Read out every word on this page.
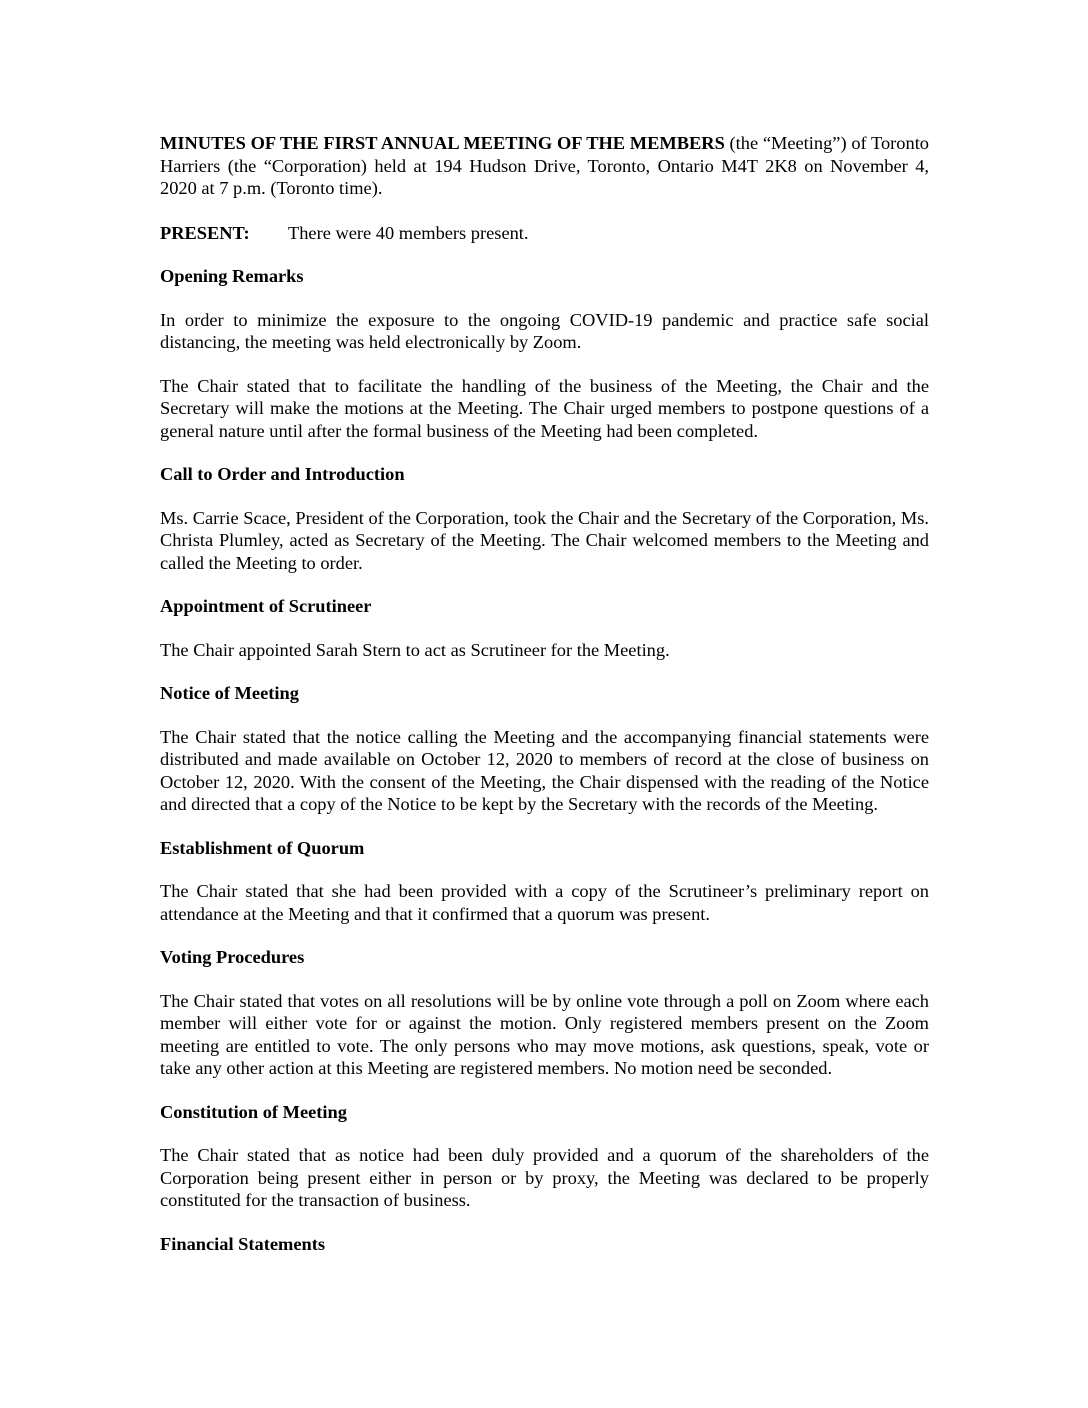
MINUTES OF THE FIRST ANNUAL MEETING OF THE MEMBERS (the “Meeting”) of Toronto Harriers (the “Corporation) held at 194 Hudson Drive, Toronto, Ontario M4T 2K8 on November 4, 2020 at 7 p.m. (Toronto time).

PRESENT: There were 40 members present.

Opening Remarks

In order to minimize the exposure to the ongoing COVID-19 pandemic and practice safe social distancing, the meeting was held electronically by Zoom.

The Chair stated that to facilitate the handling of the business of the Meeting, the Chair and the Secretary will make the motions at the Meeting. The Chair urged members to postpone questions of a general nature until after the formal business of the Meeting had been completed.

Call to Order and Introduction

Ms. Carrie Scace, President of the Corporation, took the Chair and the Secretary of the Corporation, Ms. Christa Plumley, acted as Secretary of the Meeting. The Chair welcomed members to the Meeting and called the Meeting to order.

Appointment of Scrutineer

The Chair appointed Sarah Stern to act as Scrutineer for the Meeting.

Notice of Meeting

The Chair stated that the notice calling the Meeting and the accompanying financial statements were distributed and made available on October 12, 2020 to members of record at the close of business on October 12, 2020. With the consent of the Meeting, the Chair dispensed with the reading of the Notice and directed that a copy of the Notice to be kept by the Secretary with the records of the Meeting.

Establishment of Quorum

The Chair stated that she had been provided with a copy of the Scrutineer’s preliminary report on attendance at the Meeting and that it confirmed that a quorum was present.

Voting Procedures

The Chair stated that votes on all resolutions will be by online vote through a poll on Zoom where each member will either vote for or against the motion. Only registered members present on the Zoom meeting are entitled to vote. The only persons who may move motions, ask questions, speak, vote or take any other action at this Meeting are registered members. No motion need be seconded.

Constitution of Meeting

The Chair stated that as notice had been duly provided and a quorum of the shareholders of the Corporation being present either in person or by proxy, the Meeting was declared to be properly constituted for the transaction of business.

Financial Statements
